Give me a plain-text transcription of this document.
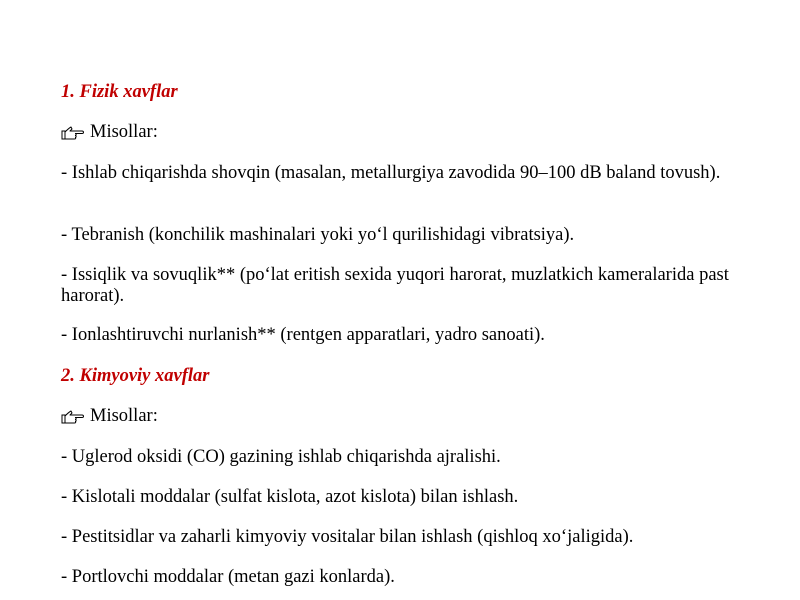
1. Fizik xavflar

Misollar:

- Ishlab chiqarishda shovqin (masalan, metallurgiya zavodida 90–100 dB baland tovush).

- Tebranish (konchilik mashinalari yoki yo‘l qurilishidagi vibratsiya).

- Issiqlik va sovuqlik** (po‘lat eritish sexida yuqori harorat, muzlatkich kameralarida past harorat).

- Ionlashtiruvchi nurlanish** (rentgen apparatlari, yadro sanoati).

2. Kimyoviy xavflar

Misollar:

- Uglerod oksidi (CO) gazining ishlab chiqarishda ajralishi.

- Kislotali moddalar (sulfat kislota, azot kislota) bilan ishlash.

- Pestitsidlar va zaharli kimyoviy vositalar bilan ishlash (qishloq xo‘jaligida).

- Portlovchi moddalar (metan gazi konlarda).
